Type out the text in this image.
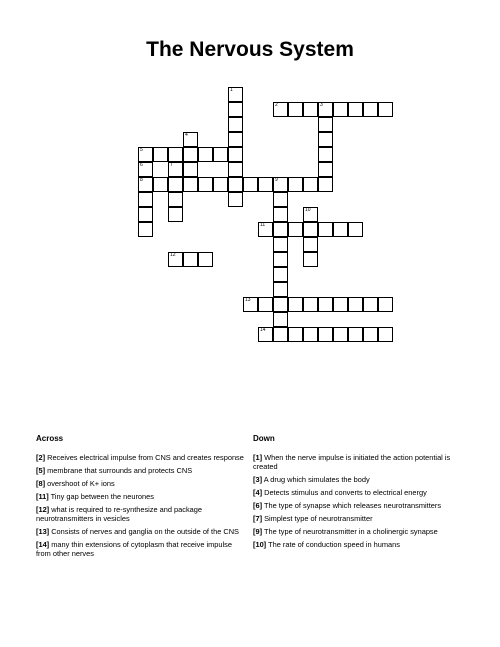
The Nervous System
1
2	3
4
5
6
8
7
9
10
11
12
13
14
Across
[2] Receives electrical impulse from CNS and creates response
[5] membrane that surrounds and protects CNS
[8] overshoot of K+ ions
[11] Tiny gap between the neurones
[12] what is required to re-synthesize and package neurotransmitters in vesicles
[13] Consists of nerves and ganglia on the outside of the CNS
[14] many thin extensions of cytoplasm that receive impulse from other nerves
Down
[1] When the nerve impulse is initiated the action potential is created
[3] A drug which simulates the body
[4] Detects stimulus and converts to electrical energy
[6] The type of synapse which releases neurotransmitters
[7] Simplest type of neurotransmitter
[9] The type of neurotransmitter in a cholinergic synapse
[10] The rate of conduction speed in humans
